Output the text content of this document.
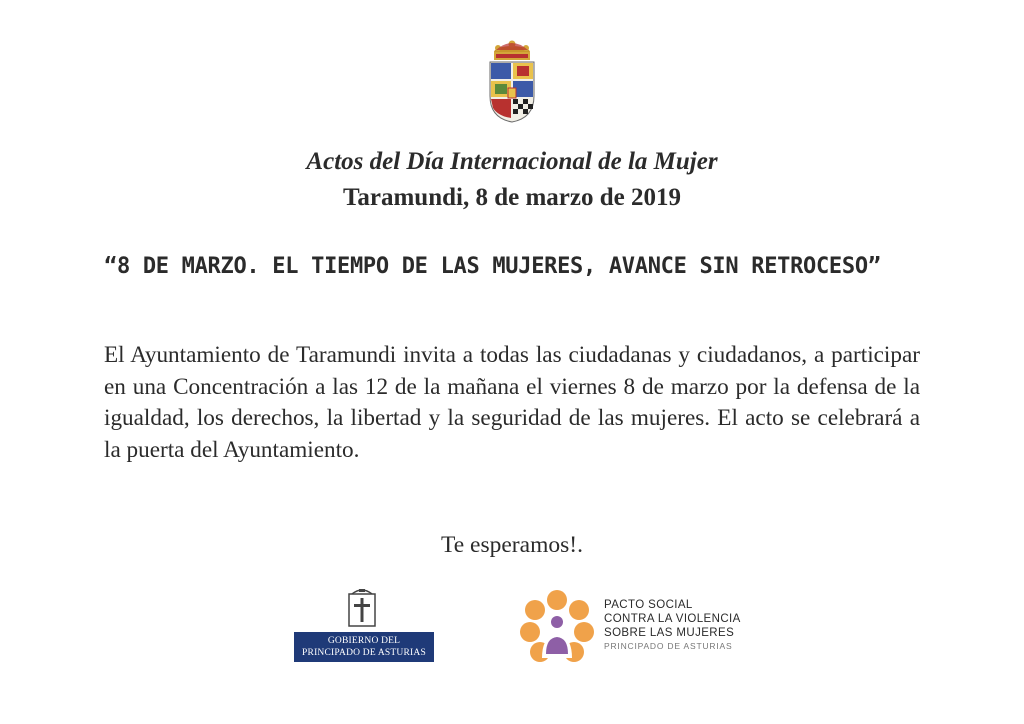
Actos del Día Internacional de la Mujer
Taramundi, 8 de marzo de 2019

“8 DE MARZO. EL TIEMPO DE LAS MUJERES, AVANCE SIN RETROCESO”

El Ayuntamiento de Taramundi invita a todas las ciudadanas y ciudadanos, a participar en una Concentración a las 12 de la mañana el viernes 8 de marzo por la defensa de la igualdad, los derechos, la libertad y la seguridad de las mujeres. El acto se celebrará a la puerta del Ayuntamiento.

Te esperamos!.

GOBIERNO DEL
PRINCIPADO DE ASTURIAS
PACTO SOCIAL
CONTRA LA VIOLENCIA
SOBRE LAS MUJERES
PRINCIPADO DE ASTURIAS
